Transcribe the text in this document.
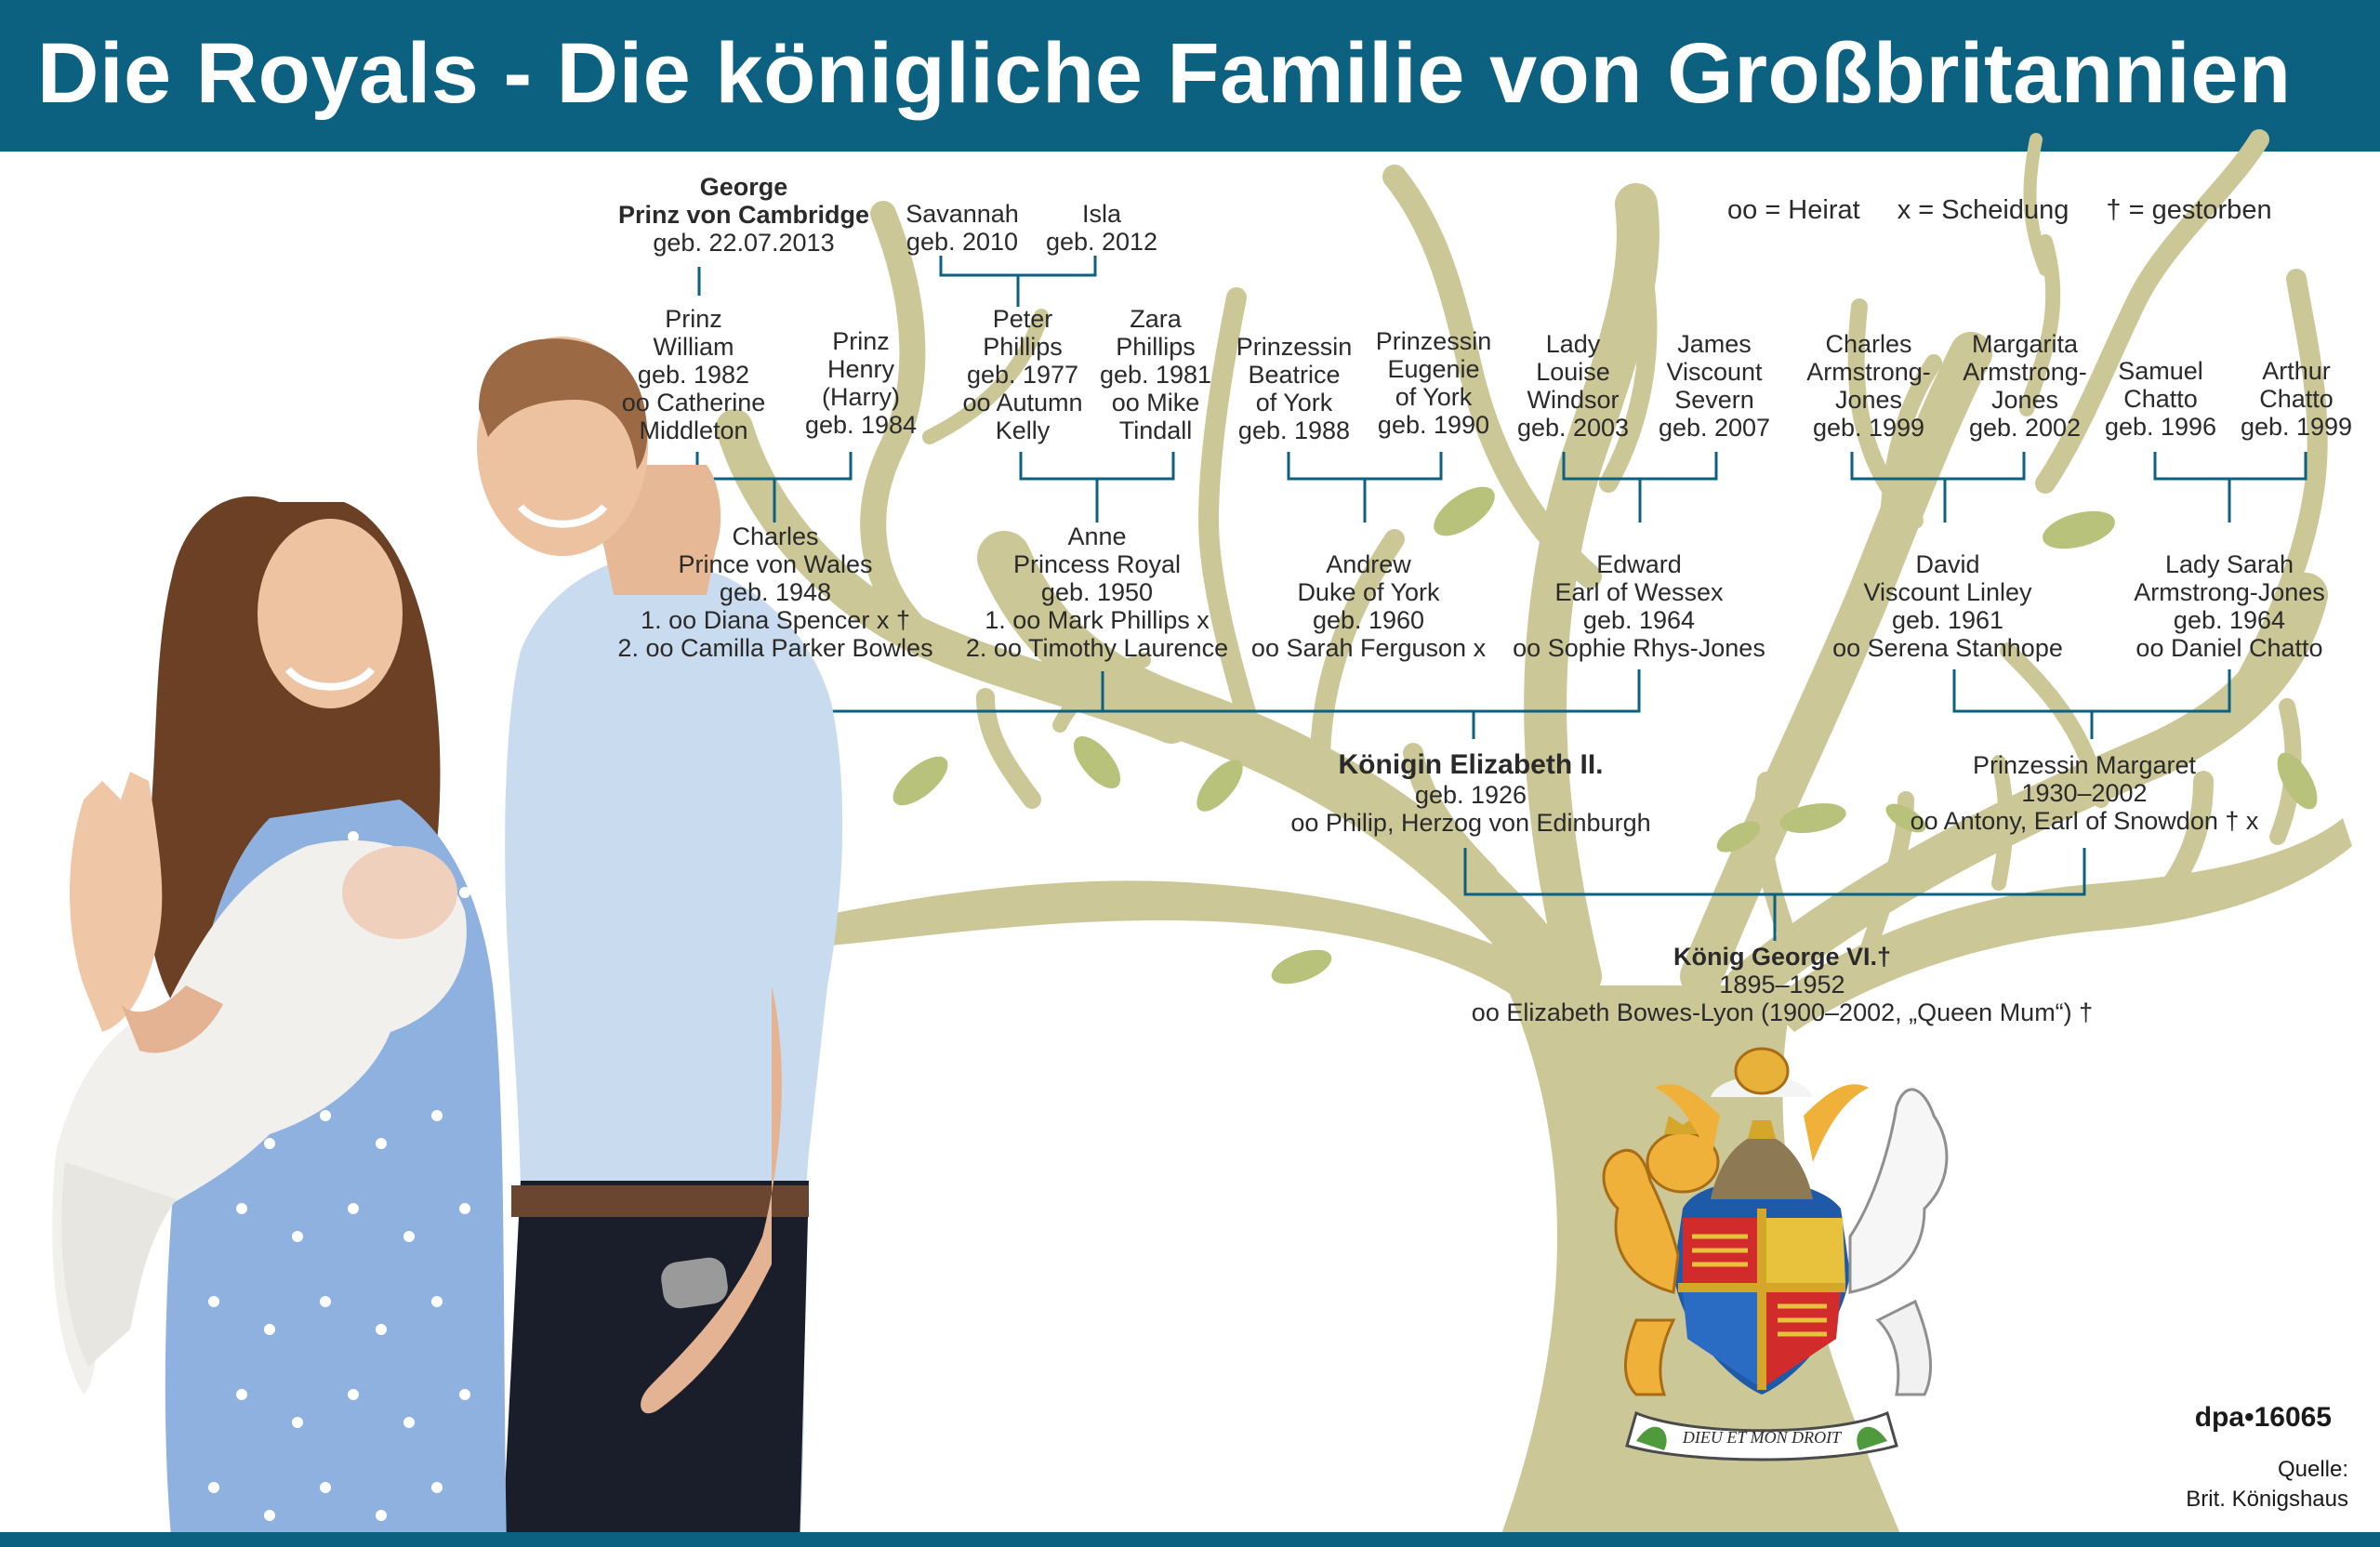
Die Royals - Die königliche Familie von Großbritannien
DIEU ET MON DROIT
oo = Heirat x = Scheidung † = gestorben
George
Prinz von Cambridge
geb. 22.07.2013
Savannah
geb. 2010
Isla
geb. 2012
Prinz
William
geb. 1982
oo Catherine
Middleton
Prinz
Henry
(Harry)
geb. 1984
Peter
Phillips
geb. 1977
oo Autumn
Kelly
Zara
Phillips
geb. 1981
oo Mike
Tindall
Prinzessin
Beatrice
of York
geb. 1988
Prinzessin
Eugenie
of York
geb. 1990
Lady
Louise
Windsor
geb. 2003
James
Viscount
Severn
geb. 2007
Charles
Armstrong-
Jones
geb. 1999
Margarita
Armstrong-
Jones
geb. 2002
Samuel
Chatto
geb. 1996
Arthur
Chatto
geb. 1999
Charles
Prince von Wales
geb. 1948
1. oo Diana Spencer x †
2. oo Camilla Parker Bowles
Anne
Princess Royal
geb. 1950
1. oo Mark Phillips x
2. oo Timothy Laurence
Andrew
Duke of York
geb. 1960
oo Sarah Ferguson x
Edward
Earl of Wessex
geb. 1964
oo Sophie Rhys-Jones
David
Viscount Linley
geb. 1961
oo Serena Stanhope
Lady Sarah
Armstrong-Jones
geb. 1964
oo Daniel Chatto
Königin Elizabeth II.
geb. 1926
oo Philip, Herzog von Edinburgh
Prinzessin Margaret
1930–2002
oo Antony, Earl of Snowdon † x
König George VI.†
1895–1952
oo Elizabeth Bowes-Lyon (1900–2002, „Queen Mum“) †
dpa•16065
Quelle:
Brit. Königshaus
